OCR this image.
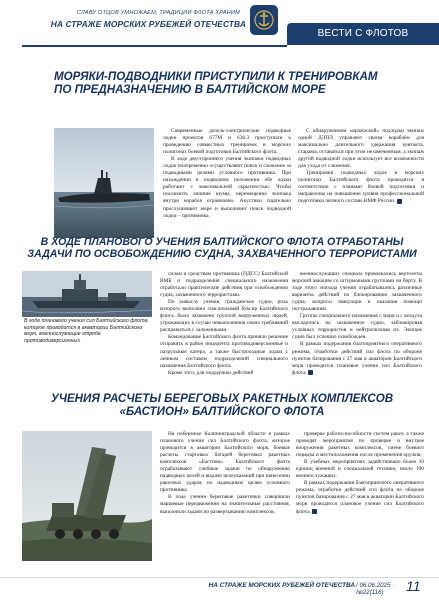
СЛАВУ ОТЦОВ УМНОЖАЕМ, ТРАДИЦИИ ФЛОТА ХРАНИМ
НА СТРАЖЕ МОРСКИХ РУБЕЖЕЙ ОТЕЧЕСТВА
ВЕСТИ С ФЛОТОВ
МОРЯКИ-ПОДВОДНИКИ ПРИСТУПИЛИ К ТРЕНИРОВКАМ ПО ПРЕДНАЗНАЧЕНИЮ В БАЛТИЙСКОМ МОРЕ

Современные дизель-электрические подводные лодки проектов 677М и 636.3 приступили к проведению совместных тренировок в морских полигонах боевой подготовки Балтийского флота.

В ходе двустороннего учения экипажи подводных лодок попеременно осуществляют поиск и слежение за подводными целями условного противника. При нахождении в подводном положении обе лодки работают с максимальной скрытностью. Чтобы исключить лишние шумы, перемещение экипажа внутри корабля ограничено. Акустики тщательно прослушивают море и выполняют поиск подводной лодки – противника.

С обнаружением «вражеской» подлодки экипаж одной ДЭПЛ управляет своим кораблём для максимально длительного удержания контакта, стараясь оставаться при этом незамеченным, а экипаж другой подводной лодки использует все возможности для ухода от слежения.

Тренировки подводных лодок в морских полигонах Балтийского флота проводятся в соответствии с планами боевой подготовки и направлены на повышение уровня профессиональной подготовки личного состава ВМФ России.

В ХОДЕ ПЛАНОВОГО УЧЕНИЯ БАЛТИЙСКОГО ФЛОТА ОТРАБОТАНЫ ЗАДАЧИ ПО ОСВОБОЖДЕНИЮ СУДНА, ЗАХВАЧЕННОГО ТЕРРОРИСТАМИ
В ходе планового учения сил Балтийского флота, которое проводится в акватории Балтийского моря, военнослужащие отряда противодиверсионных

силам и средствам противника (ПДСС) Балтийской ВМБ и подразделения специального назначения отработали практические действия при освобождении судна, захваченного террористами.

По замыслу учения, гражданское судно, роль которого выполнил спасательный буксир Балтийского флота, было захвачено группой вооруженных людей, угрожающих в случае невыполнения своих требований расправиться с заложниками.

Командование Балтийского флота приняло решение отправить в район инцидента противодиверсионные и патрульные катера, а также быстроходные лодки с личным составом подразделений специального назначения Балтийского флота.

Кроме того, для поддержки действий

военнослужащих спецназа привлекались вертолеты морской авиации со штурмовыми группами на борту. В ходе этого эпизода учения отрабатывались различные варианты действий по блокированию захваченного судна, вопросы эвакуации и оказания помощи пострадавшим.

Группы специального назначения с моря и с воздуха высадились на захваченное судно, заблокировав условных террористов и нейтрализовав их. Экипаж судна был успешно освобожден.

В рамках подержания благоприятного оперативного режима, отработки действий сил флота по обороне пунктов базирования с 27 мая в акватории Балтийского моря проводится плановое учение сил Балтийского флота.

УЧЕНИЯ РАСЧЕТЫ БЕРЕГОВЫХ РАКЕТНЫХ КОМПЛЕКСОВ «БАСТИОН» БАЛТИЙСКОГО ФЛОТА

На побережье Калининградской области в рамках планового учения сил Балтийского флота, которое проводится в акватории Балтийского моря, боевые расчеты стартовых батарей береговых ракетных комплексов «Бастион» Балтийского флота отрабатывают учебные задачи по обнаружению надводных целей и выдаче целеуказаний при нанесении ракетных ударов по надводным целям условного противника.

В ходе учения береговые ракетчики совершили маршевые передвижения на значительные расстояния, выполнили задачи по развертыванию комплексов,

проверке работоспособности систем ракет, а также проводят мероприятия по проверке и внутрее вооружения ракетных комплексов, смене боевого порядка и местоположения после применения оружия.

В учебных мероприятиях задействовано более 10 единиц военной и специальной техники, около 100 военнослужащих.

В рамках подержания благоприятного оперативного режима, отработки действий сил флота по обороне пунктов базирования с 27 мая в акватории Балтийского моря проводится плановое учение сил Балтийского флота.

НА СТРАЖЕ МОРСКИХ РУБЕЖЕЙ ОТЕЧЕСТВА / 06.06.2025 · №22(116)	11
